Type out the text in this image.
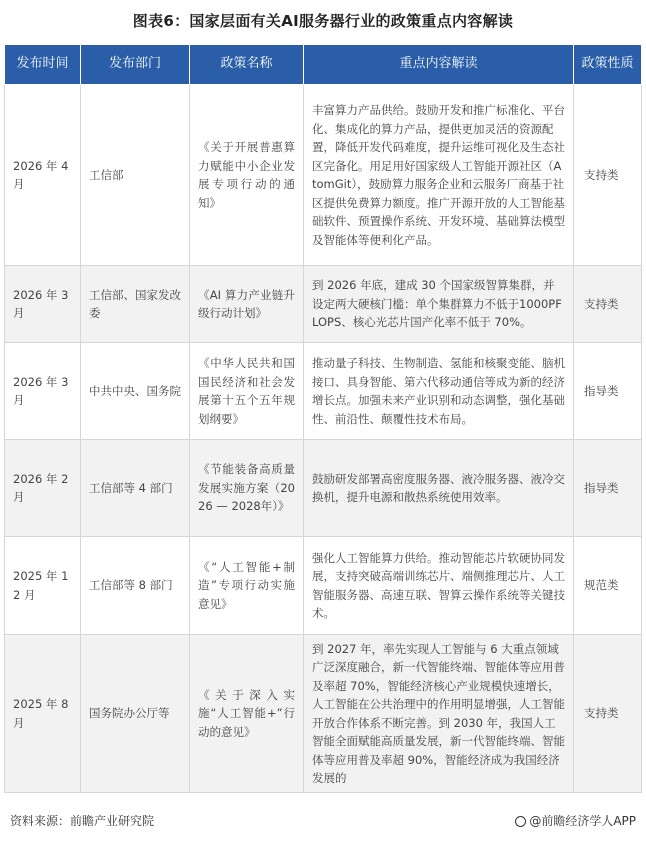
图表6：国家层面有关AI服务器行业的政策重点内容解读
发布时间	发布部门	政策名称	重点内容解读	政策性质
2026 年 4 月	工信部	《关于开展普惠算力赋能中小企业发展专项行动的通知》	丰富算力产品供给。鼓励开发和推广标准化、平台化、集成化的算力产品，提供更加灵活的资源配置，降低开发代码难度，提升运维可视化及生态社区完备化。用足用好国家级人工智能开源社区（AtomGit），鼓励算力服务企业和云服务厂商基于社区提供免费算力额度。推广开源开放的人工智能基础软件、预置操作系统、开发环境、基础算法模型及智能体等便利化产品。	支持类
2026 年 3 月	工信部、国家发改委	《AI 算力产业链升级行动计划》	到 2026 年底，建成 30 个国家级智算集群，并设定两大硬核门槛：单个集群算力不低于1000PFLOPS、核心光芯片国产化率不低于 70%。	支持类
2026 年 3 月	中共中央、国务院	《中华人民共和国国民经济和社会发展第十五个五年规划纲要》	推动量子科技、生物制造、氢能和核聚变能、脑机接口、具身智能、第六代移动通信等成为新的经济增长点。加强未来产业识别和动态调整，强化基础性、前沿性、颠覆性技术布局。	指导类
2026 年 2 月	工信部等 4 部门	《节能装备高质量发展实施方案（2026 — 2028年）》	鼓励研发部署高密度服务器、液冷服务器、液冷交换机，提升电源和散热系统使用效率。	指导类
2025 年 12 月	工信部等 8 部门	《“人工智能+制造”专项行动实施意见》	强化人工智能算力供给。推动智能芯片软硬协同发展，支持突破高端训练芯片、端侧推理芯片、人工智能服务器、高速互联、智算云操作系统等关键技术。	规范类
2025 年 8 月	国务院办公厅等	《关于深入实施“人工智能+”行动的意见》	到 2027 年，率先实现人工智能与 6 大重点领域广泛深度融合，新一代智能终端、智能体等应用普及率超 70%，智能经济核心产业规模快速增长，人工智能在公共治理中的作用明显增强，人工智能开放合作体系不断完善。到 2030 年，我国人工智能全面赋能高质量发展，新一代智能终端、智能体等应用普及率超 90%，智能经济成为我国经济发展的	支持类
资料来源：前瞻产业研究院	@前瞻经济学人APP
